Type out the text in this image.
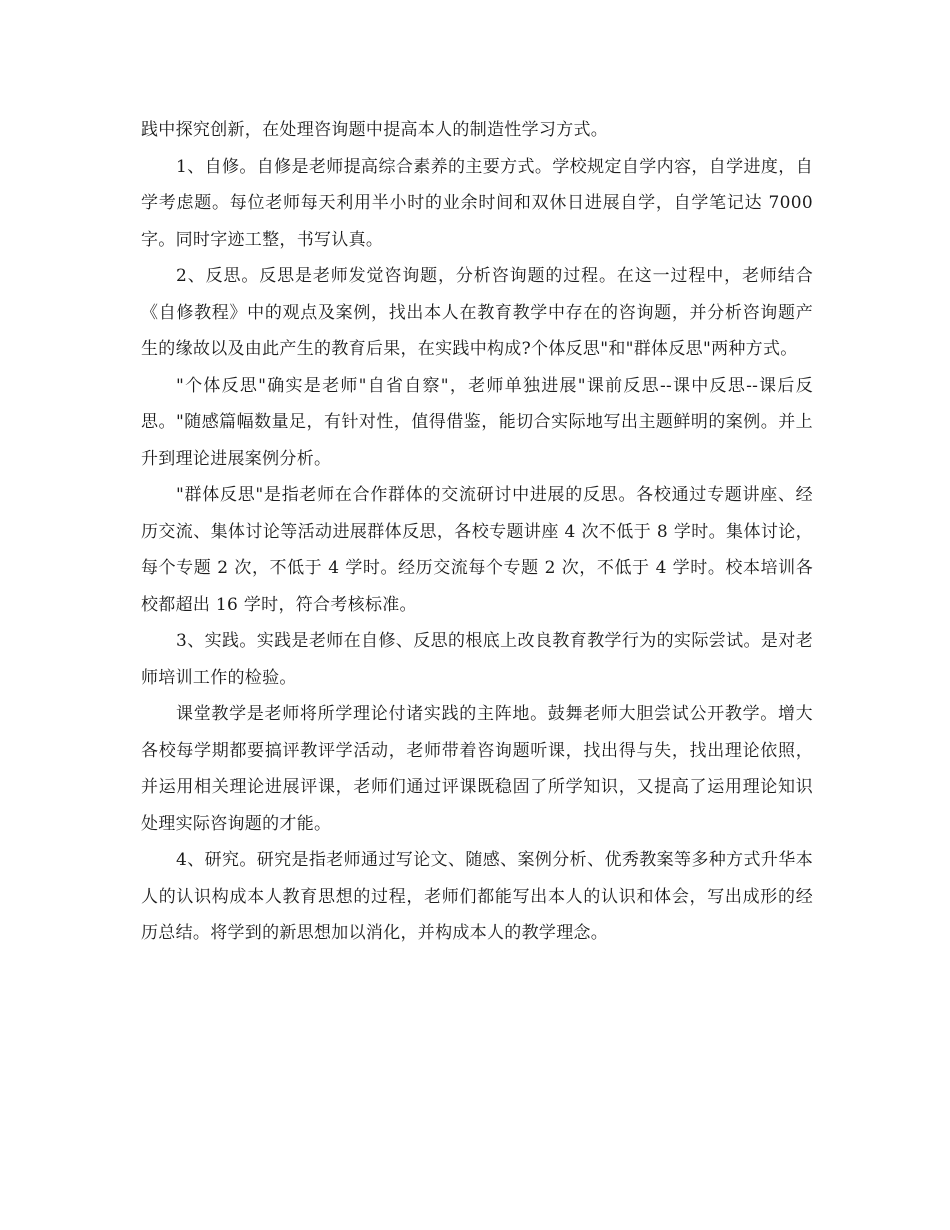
践中探究创新，在处理咨询题中提高本人的制造性学习方式。

1、自修。自修是老师提高综合素养的主要方式。学校规定自学内容，自学进度，自学考虑题。每位老师每天利用半小时的业余时间和双休日进展自学，自学笔记达 7000 字。同时字迹工整，书写认真。

2、反思。反思是老师发觉咨询题，分析咨询题的过程。在这一过程中，老师结合《自修教程》中的观点及案例，找出本人在教育教学中存在的咨询题，并分析咨询题产生的缘故以及由此产生的教育后果，在实践中构成?个体反思"和"群体反思"两种方式。

"个体反思"确实是老师"自省自察"，老师单独进展"课前反思--课中反思--课后反思。"随感篇幅数量足，有针对性，值得借鉴，能切合实际地写出主题鲜明的案例。并上升到理论进展案例分析。

"群体反思"是指老师在合作群体的交流研讨中进展的反思。各校通过专题讲座、经历交流、集体讨论等活动进展群体反思，各校专题讲座 4 次不低于 8 学时。集体讨论，每个专题 2 次，不低于 4 学时。经历交流每个专题 2 次，不低于 4 学时。校本培训各校都超出 16 学时，符合考核标准。

3、实践。实践是老师在自修、反思的根底上改良教育教学行为的实际尝试。是对老师培训工作的检验。

课堂教学是老师将所学理论付诸实践的主阵地。鼓舞老师大胆尝试公开教学。增大各校每学期都要搞评教评学活动，老师带着咨询题听课，找出得与失，找出理论依照，并运用相关理论进展评课，老师们通过评课既稳固了所学知识，又提高了运用理论知识处理实际咨询题的才能。

4、研究。研究是指老师通过写论文、随感、案例分析、优秀教案等多种方式升华本人的认识构成本人教育思想的过程，老师们都能写出本人的认识和体会，写出成形的经历总结。将学到的新思想加以消化，并构成本人的教学理念。
